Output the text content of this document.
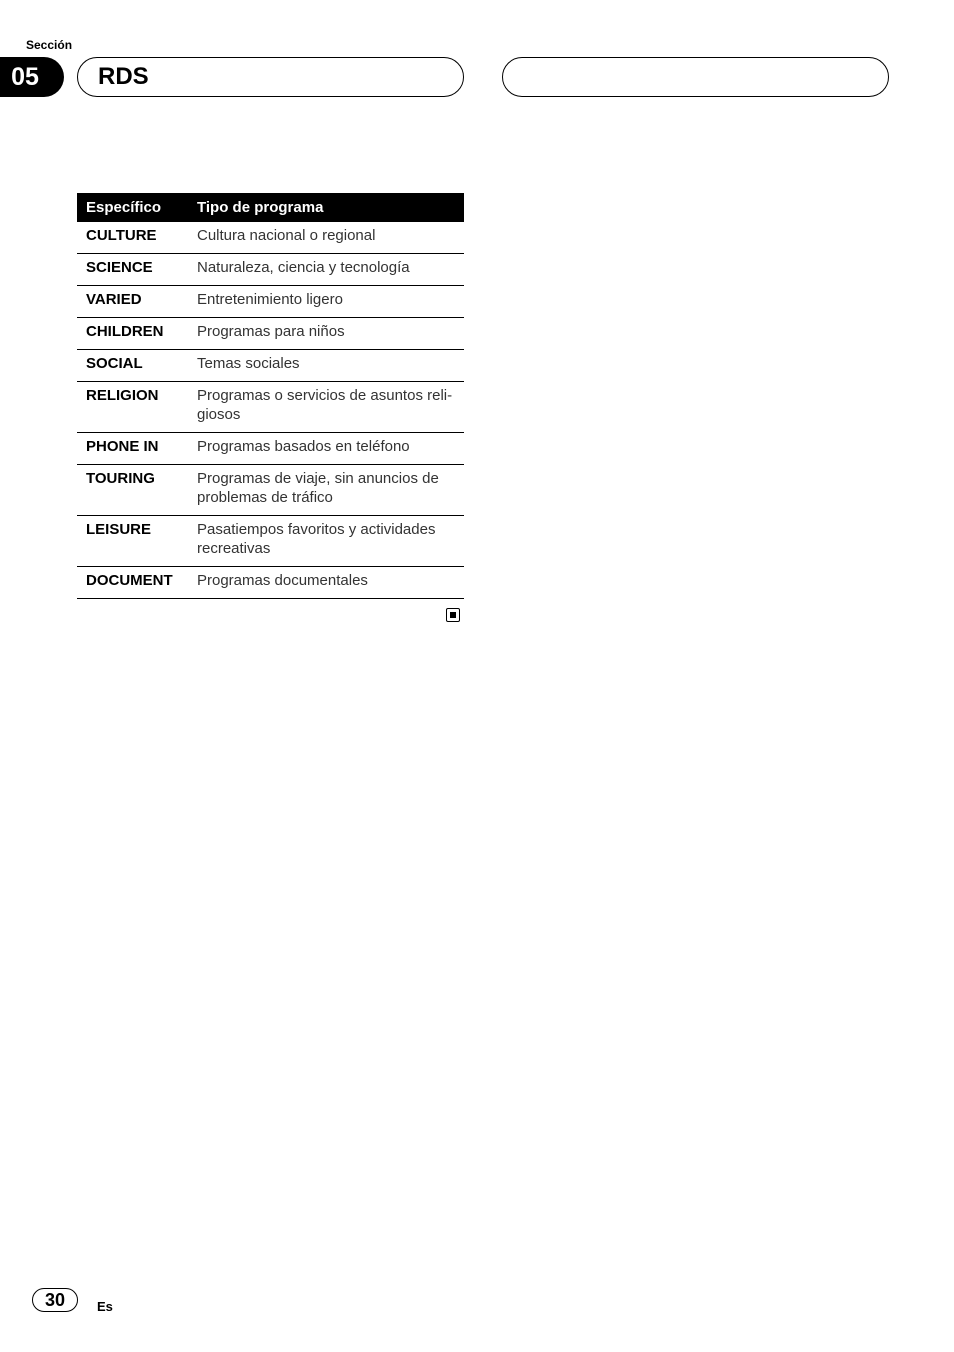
Sección
05	RDS
Específico	Tipo de programa
CULTURE	Cultura nacional o regional
SCIENCE	Naturaleza, ciencia y tecnología
VARIED	Entretenimiento ligero
CHILDREN	Programas para niños
SOCIAL	Temas sociales
RELIGION	Programas o servicios de asuntos reli-giosos
PHONE IN	Programas basados en teléfono
TOURING	Programas de viaje, sin anuncios de problemas de tráfico
LEISURE	Pasatiempos favoritos y actividades recreativas
DOCUMENT	Programas documentales
30	Es
